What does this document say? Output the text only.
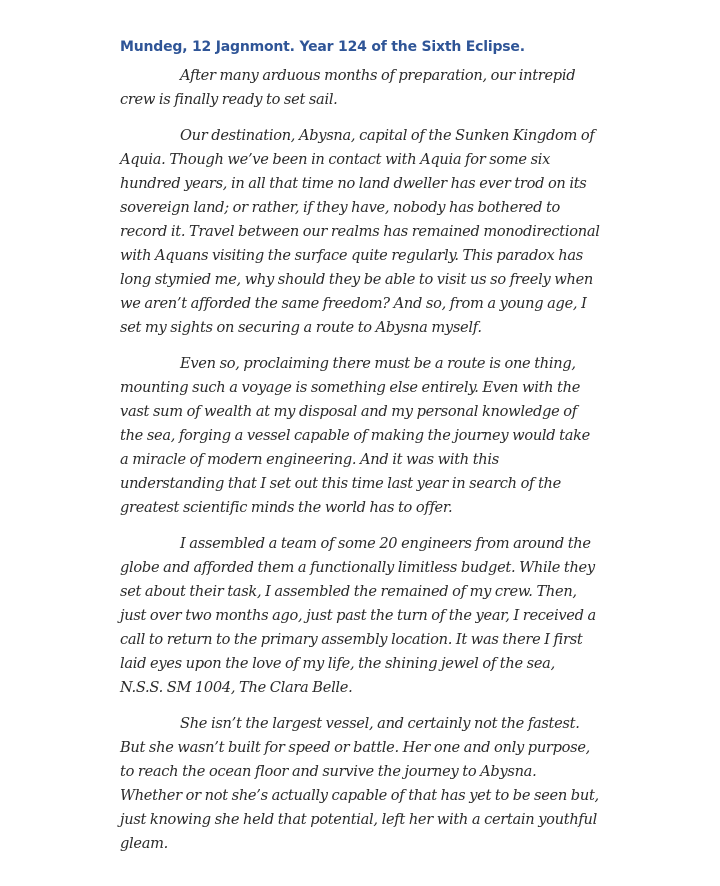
Mundeg, 12 Jagnmont. Year 124 of the Sixth Eclipse.

After many arduous months of preparation, our intrepid crew is finally ready to set sail.

Our destination, Abysna, capital of the Sunken Kingdom of Aquia. Though we’ve been in contact with Aquia for some six hundred years, in all that time no land dweller has ever trod on its sovereign land; or rather, if they have, nobody has bothered to record it. Travel between our realms has remained monodirectional with Aquans visiting the surface quite regularly. This paradox has long stymied me, why should they be able to visit us so freely when we aren’t afforded the same freedom? And so, from a young age, I set my sights on securing a route to Abysna myself.

Even so, proclaiming there must be a route is one thing, mounting such a voyage is something else entirely. Even with the vast sum of wealth at my disposal and my personal knowledge of the sea, forging a vessel capable of making the journey would take a miracle of modern engineering. And it was with this understanding that I set out this time last year in search of the greatest scientific minds the world has to offer.

I assembled a team of some 20 engineers from around the globe and afforded them a functionally limitless budget. While they set about their task, I assembled the remained of my crew. Then, just over two months ago, just past the turn of the year, I received a call to return to the primary assembly location. It was there I first laid eyes upon the love of my life, the shining jewel of the sea, N.S.S. SM 1004, The Clara Belle.

She isn’t the largest vessel, and certainly not the fastest. But she wasn’t built for speed or battle. Her one and only purpose, to reach the ocean floor and survive the journey to Abysna. Whether or not she’s actually capable of that has yet to be seen but, just knowing she held that potential, left her with a certain youthful gleam.
